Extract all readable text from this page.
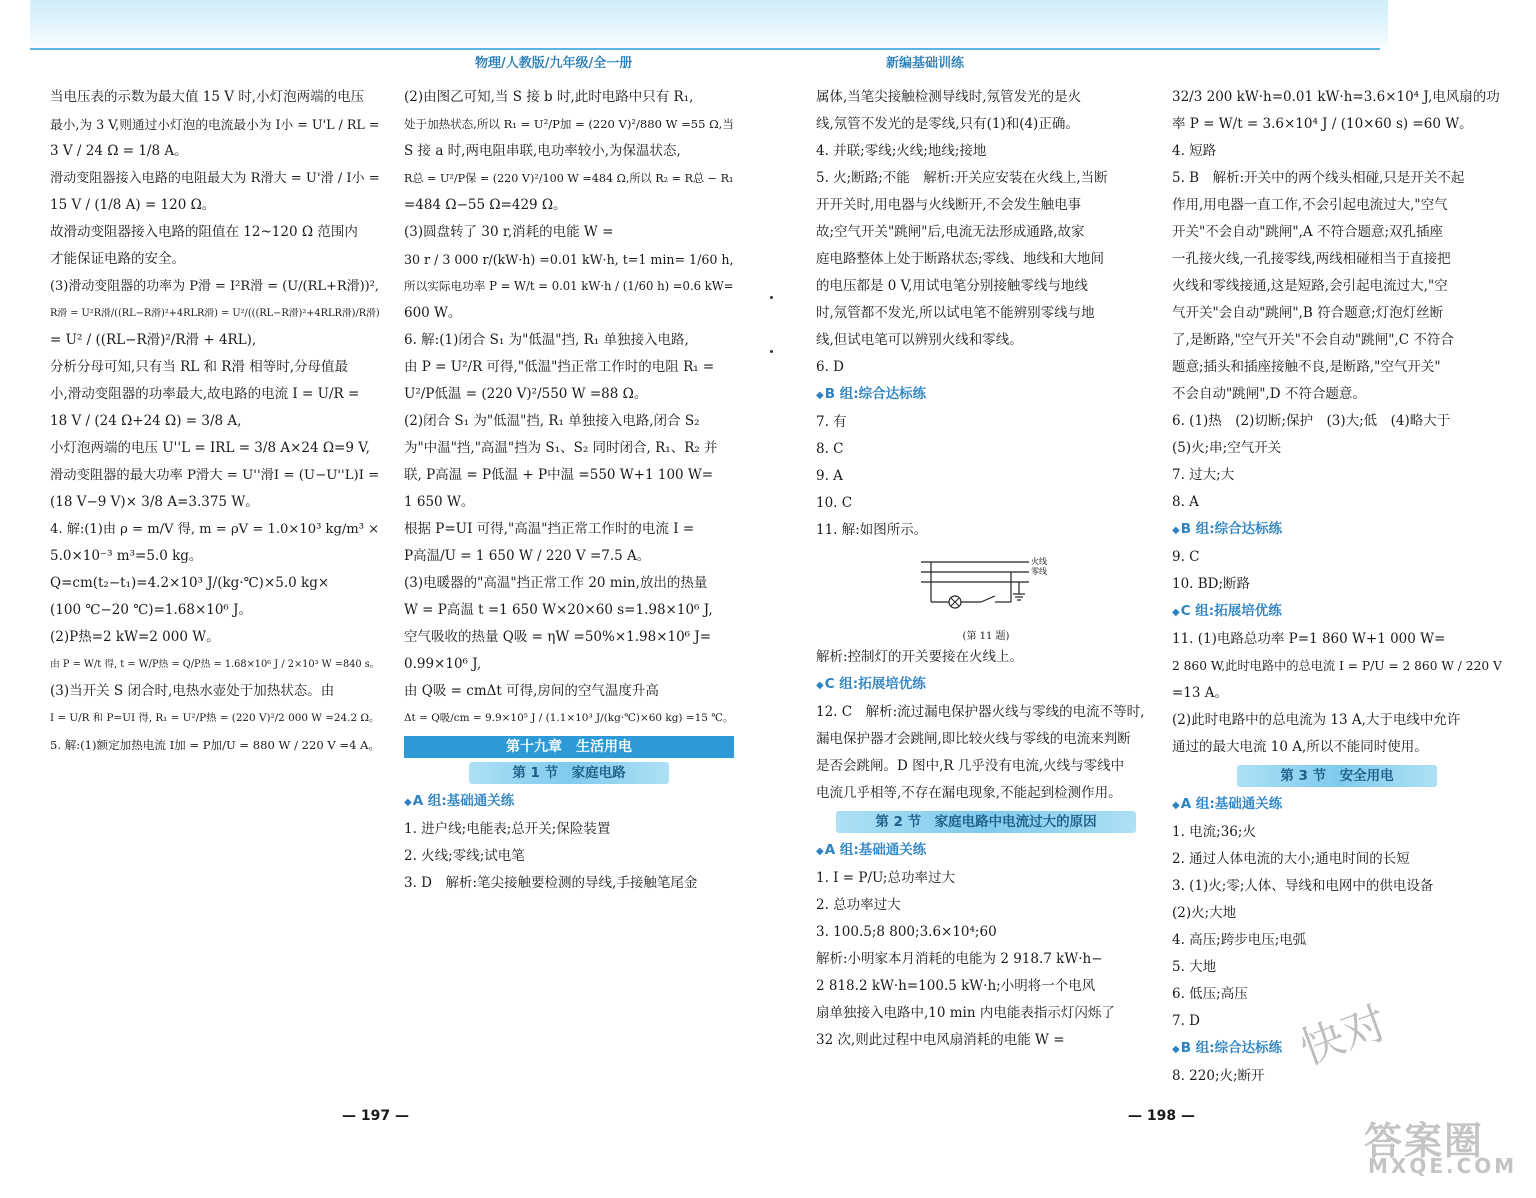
物理/人教版/九年级/全一册
当电压表的示数为最大值 15 V 时,小灯泡两端的电压
最小,为 3 V,则通过小灯泡的电流最小为 I小 = U'L / RL =
3 V / 24 Ω = 1/8 A。
滑动变阻器接入电路的电阻最大为 R滑大 = U'滑 / I小 =
15 V / (1/8 A) = 120 Ω。
故滑动变阻器接入电路的阻值在 12~120 Ω 范围内
才能保证电路的安全。
(3)滑动变阻器的功率为 P滑 = I²R滑 = (U/(RL+R滑))²,
R滑 = U²R滑/((RL−R滑)²+4RLR滑) = U²/(((RL−R滑)²+4RLR滑)/R滑)
= U² / ((RL−R滑)²/R滑 + 4RL),
分析分母可知,只有当 RL 和 R滑 相等时,分母值最
小,滑动变阻器的功率最大,故电路的电流 I = U/R =
18 V / (24 Ω+24 Ω) = 3/8 A,
小灯泡两端的电压 U''L = IRL = 3/8 A×24 Ω=9 V,
滑动变阻器的最大功率 P滑大 = U''滑I = (U−U''L)I =
(18 V−9 V)× 3/8 A=3.375 W。
4. 解:(1)由 ρ = m/V 得, m = ρV = 1.0×10³ kg/m³ ×
5.0×10⁻³ m³=5.0 kg。
Q=cm(t₂−t₁)=4.2×10³ J/(kg·℃)×5.0 kg×
(100 ℃−20 ℃)=1.68×10⁶ J。
(2)P热=2 kW=2 000 W。
由 P = W/t 得, t = W/P热 = Q/P热 = 1.68×10⁶ J / 2×10³ W =840 s。
(3)当开关 S 闭合时,电热水壶处于加热状态。由
I = U/R 和 P=UI 得, R₁ = U²/P热 = (220 V)²/2 000 W =24.2 Ω。
5. 解:(1)额定加热电流 I加 = P加/U = 880 W / 220 V =4 A。
(2)由图乙可知,当 S 接 b 时,此时电路中只有 R₁,
处于加热状态,所以 R₁ = U²/P加 = (220 V)²/880 W =55 Ω,当
S 接 a 时,两电阻串联,电功率较小,为保温状态,
R总 = U²/P保 = (220 V)²/100 W =484 Ω,所以 R₂ = R总 − R₁
=484 Ω−55 Ω=429 Ω。
(3)圆盘转了 30 r,消耗的电能 W =
30 r / 3 000 r/(kW·h) =0.01 kW·h, t=1 min= 1/60 h,
所以实际电功率 P = W/t = 0.01 kW·h / (1/60 h) =0.6 kW=
600 W。
6. 解:(1)闭合 S₁ 为"低温"挡, R₁ 单独接入电路,
由 P = U²/R 可得,"低温"挡正常工作时的电阻 R₁ =
U²/P低温 = (220 V)²/550 W =88 Ω。
(2)闭合 S₁ 为"低温"挡, R₁ 单独接入电路,闭合 S₂
为"中温"挡,"高温"挡为 S₁、S₂ 同时闭合, R₁、R₂ 并
联, P高温 = P低温 + P中温 =550 W+1 100 W=
1 650 W。
根据 P=UI 可得,"高温"挡正常工作时的电流 I =
P高温/U = 1 650 W / 220 V =7.5 A。
(3)电暖器的"高温"挡正常工作 20 min,放出的热量
W = P高温 t =1 650 W×20×60 s=1.98×10⁶ J,
空气吸收的热量 Q吸 = ηW =50%×1.98×10⁶ J=
0.99×10⁶ J,
由 Q吸 = cmΔt 可得,房间的空气温度升高
Δt = Q吸/cm = 9.9×10⁵ J / (1.1×10³ J/(kg·℃)×60 kg) =15 ℃。
第十九章　生活用电
第 1 节　家庭电路
◆ A 组:基础通关练
1. 进户线;电能表;总开关;保险装置
2. 火线;零线;试电笔
3. D　解析:笔尖接触要检测的导线,手接触笔尾金
— 197 —
新编基础训练
属体,当笔尖接触检测导线时,氖管发光的是火
线,氖管不发光的是零线,只有(1)和(4)正确。
4. 并联;零线;火线;地线;接地
5. 火;断路;不能　解析:开关应安装在火线上,当断
开开关时,用电器与火线断开,不会发生触电事
故;空气开关"跳闸"后,电流无法形成通路,故家
庭电路整体上处于断路状态;零线、地线和大地间
的电压都是 0 V,用试电笔分别接触零线与地线
时,氖管都不发光,所以试电笔不能辨别零线与地
线,但试电笔可以辨别火线和零线。
6. D
◆ B 组:综合达标练
7. 有
8. C
9. A
10. C
11. 解:如图所示。
火线
零线
(第 11 题)
解析:控制灯的开关要接在火线上。
◆ C 组:拓展培优练
12. C　解析:流过漏电保护器火线与零线的电流不等时,
漏电保护器才会跳闸,即比较火线与零线的电流来判断
是否会跳闸。D 图中,R 几乎没有电流,火线与零线中
电流几乎相等,不存在漏电现象,不能起到检测作用。
第 2 节　家庭电路中电流过大的原因
◆ A 组:基础通关练
1. I = P/U;总功率过大
2. 总功率过大
3. 100.5;8 800;3.6×10⁴;60
解析:小明家本月消耗的电能为 2 918.7 kW·h−
2 818.2 kW·h=100.5 kW·h;小明将一个电风
扇单独接入电路中,10 min 内电能表指示灯闪烁了
32 次,则此过程中电风扇消耗的电能 W =
32/3 200 kW·h=0.01 kW·h=3.6×10⁴ J,电风扇的功
率 P = W/t = 3.6×10⁴ J / (10×60 s) =60 W。
4. 短路
5. B　解析:开关中的两个线头相碰,只是开关不起
作用,用电器一直工作,不会引起电流过大,"空气
开关"不会自动"跳闸",A 不符合题意;双孔插座
一孔接火线,一孔接零线,两线相碰相当于直接把
火线和零线接通,这是短路,会引起电流过大,"空
气开关"会自动"跳闸",B 符合题意;灯泡灯丝断
了,是断路,"空气开关"不会自动"跳闸",C 不符合
题意;插头和插座接触不良,是断路,"空气开关"
不会自动"跳闸",D 不符合题意。
6. (1)热　(2)切断;保护　(3)大;低　(4)略大于
(5)火;串;空气开关
7. 过大;大
8. A
◆ B 组:综合达标练
9. C
10. BD;断路
◆ C 组:拓展培优练
11. (1)电路总功率 P=1 860 W+1 000 W=
2 860 W,此时电路中的总电流 I = P/U = 2 860 W / 220 V
=13 A。
(2)此时电路中的总电流为 13 A,大于电线中允许
通过的最大电流 10 A,所以不能同时使用。
第 3 节　安全用电
◆ A 组:基础通关练
1. 电流;36;火
2. 通过人体电流的大小;通电时间的长短
3. (1)火;零;人体、导线和电网中的供电设备
(2)火;大地
4. 高压;跨步电压;电弧
5. 大地
6. 低压;高压
7. D
◆ B 组:综合达标练
8. 220;火;断开
— 198 —
快对
答案圈
MXQE.COM
